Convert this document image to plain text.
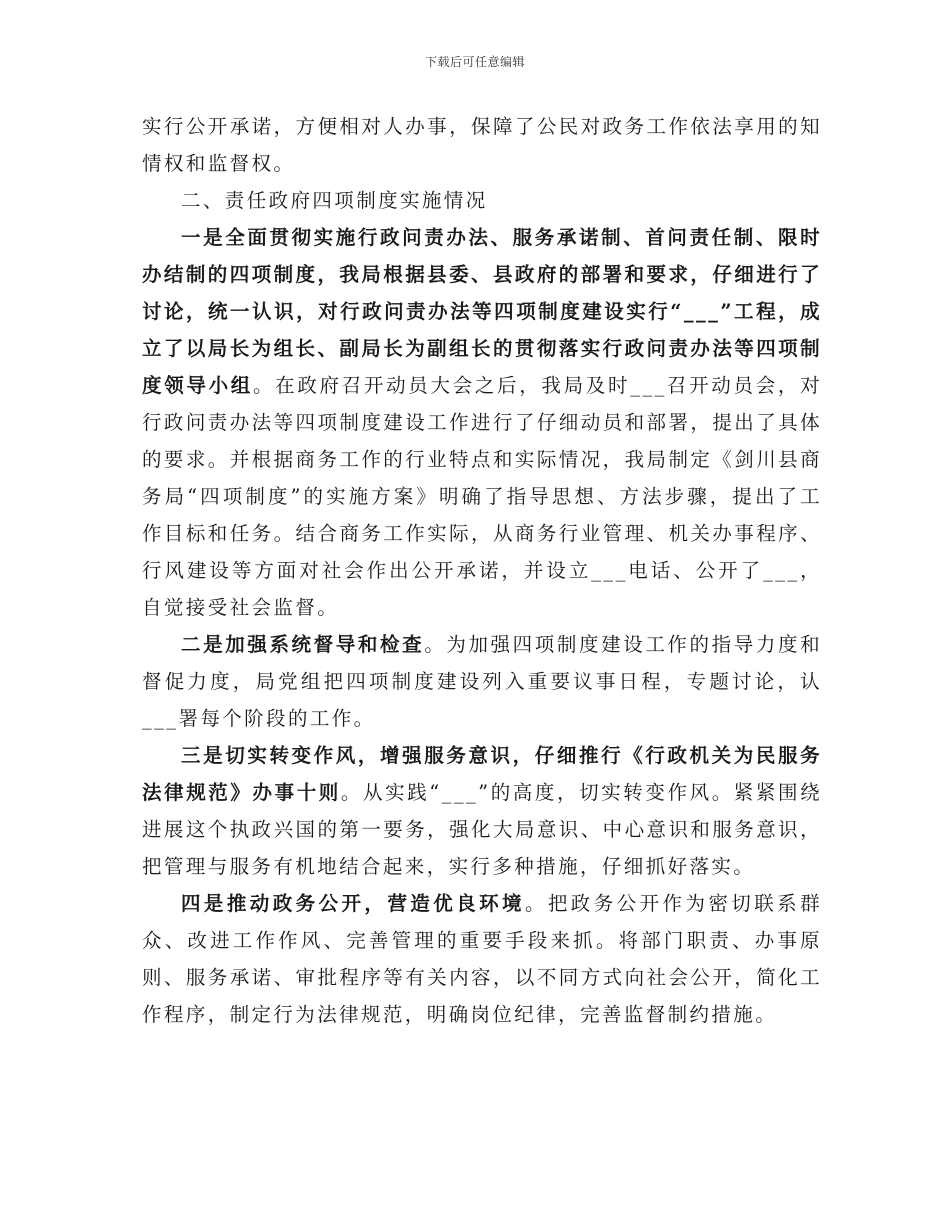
下载后可任意编辑

实行公开承诺，方便相对人办事，保障了公民对政务工作依法享用的知情权和监督权。

二、责任政府四项制度实施情况

一是全面贯彻实施行政问责办法、服务承诺制、首问责任制、限时办结制的四项制度，我局根据县委、县政府的部署和要求，仔细进行了讨论，统一认识，对行政问责办法等四项制度建设实行“___”工程，成立了以局长为组长、副局长为副组长的贯彻落实行政问责办法等四项制度领导小组。在政府召开动员大会之后，我局及时___召开动员会，对行政问责办法等四项制度建设工作进行了仔细动员和部署，提出了具体的要求。并根据商务工作的行业特点和实际情况，我局制定《剑川县商务局“四项制度”的实施方案》明确了指导思想、方法步骤，提出了工作目标和任务。结合商务工作实际，从商务行业管理、机关办事程序、行风建设等方面对社会作出公开承诺，并设立___电话、公开了___，自觉接受社会监督。

二是加强系统督导和检查。为加强四项制度建设工作的指导力度和督促力度，局党组把四项制度建设列入重要议事日程，专题讨论，认___署每个阶段的工作。

三是切实转变作风，增强服务意识，仔细推行《行政机关为民服务法律规范》办事十则。从实践“___”的高度，切实转变作风。紧紧围绕进展这个执政兴国的第一要务，强化大局意识、中心意识和服务意识，把管理与服务有机地结合起来，实行多种措施，仔细抓好落实。

四是推动政务公开，营造优良环境。把政务公开作为密切联系群众、改进工作作风、完善管理的重要手段来抓。将部门职责、办事原则、服务承诺、审批程序等有关内容，以不同方式向社会公开，简化工作程序，制定行为法律规范，明确岗位纪律，完善监督制约措施。
